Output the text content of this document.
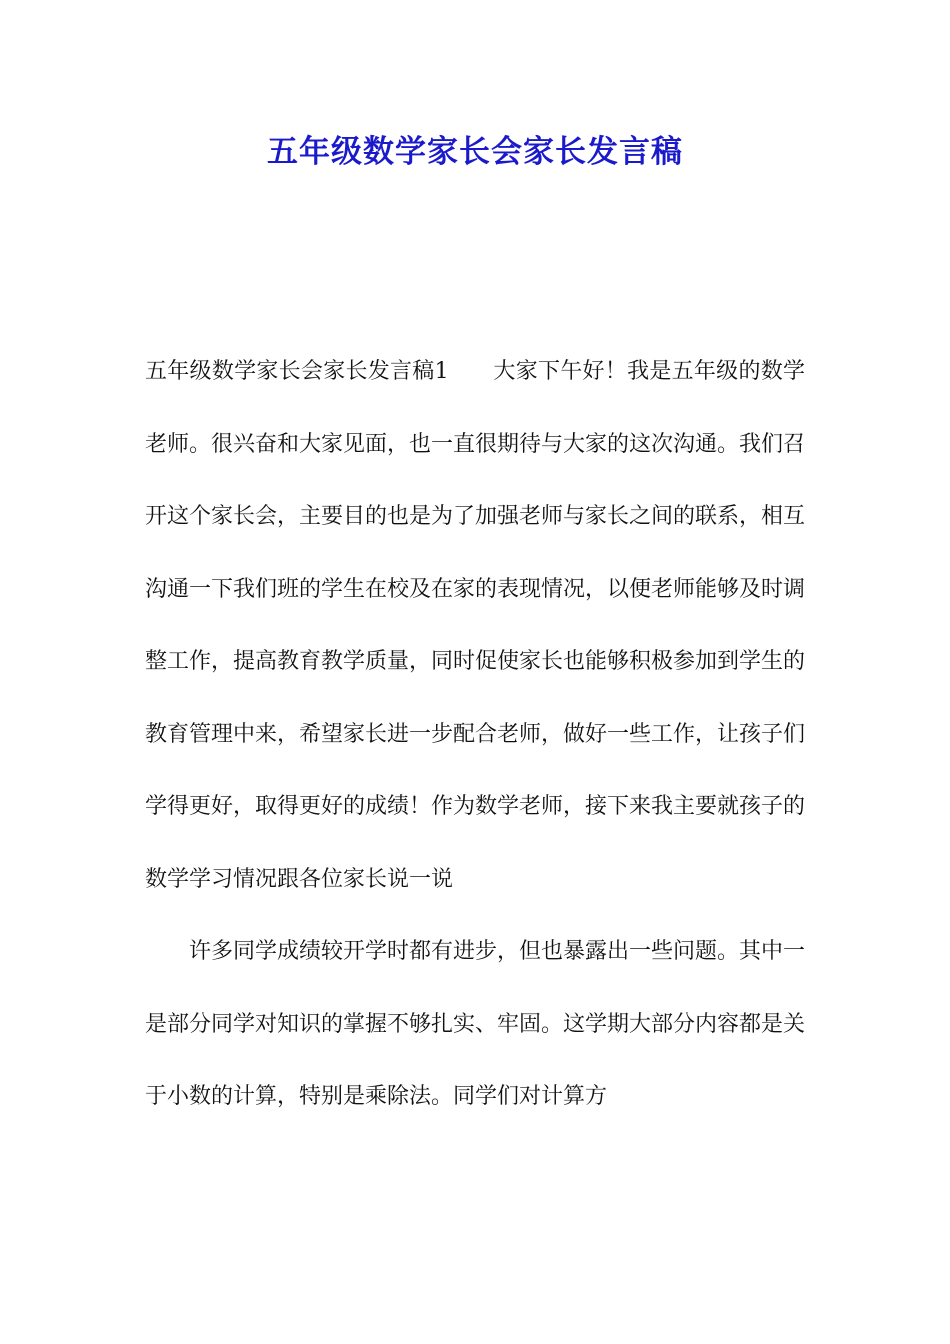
五年级数学家长会家长发言稿

五年级数学家长会家长发言稿1　　大家下午好！我是五年级的数学老师。很兴奋和大家见面，也一直很期待与大家的这次沟通。我们召开这个家长会，主要目的也是为了加强老师与家长之间的联系，相互沟通一下我们班的学生在校及在家的表现情况，以便老师能够及时调整工作，提高教育教学质量，同时促使家长也能够积极参加到学生的教育管理中来，希望家长进一步配合老师，做好一些工作，让孩子们学得更好，取得更好的成绩！作为数学老师，接下来我主要就孩子的数学学习情况跟各位家长说一说

许多同学成绩较开学时都有进步，但也暴露出一些问题。其中一是部分同学对知识的掌握不够扎实、牢固。这学期大部分内容都是关于小数的计算，特别是乘除法。同学们对计算方
